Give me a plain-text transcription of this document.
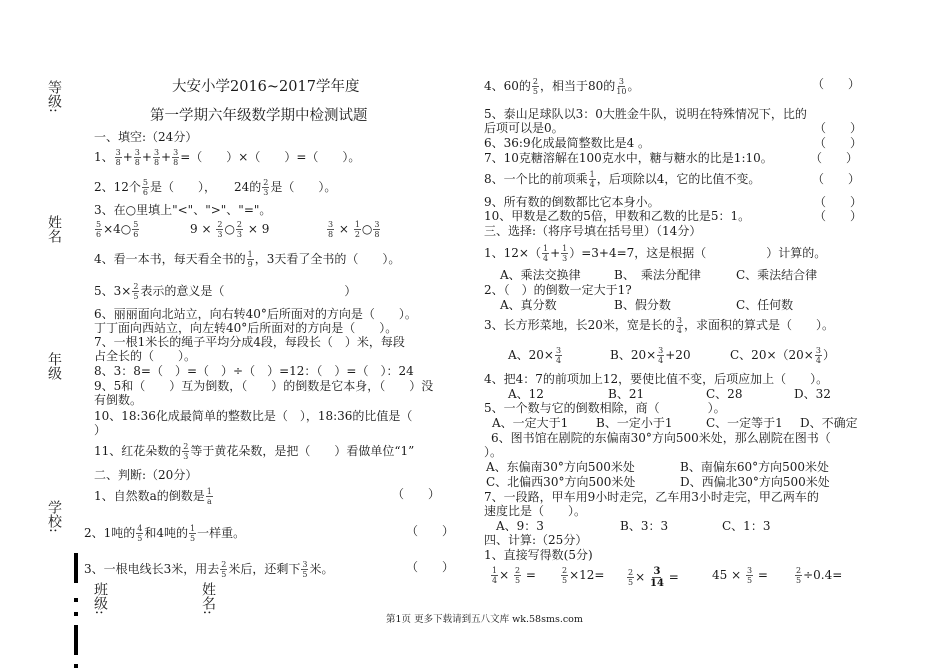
等级:
姓名
年级
学校:
班级:	姓名:
大安小学2016~2017学年度
第一学期六年级数学期中检测试题
一、填空:（24分）
1、 $\frac{3}{8} + \frac{3}{8} + \frac{3}{8} + \frac{3}{8}$ =（　　）×（　　）=（　　）。
2、12个 $\frac{5}{6}$ 是（　　），　　24的 $\frac{2}{3}$ 是（　　）。
3、在○里填上"<"、">"、"="。
$\frac{5}{6}$ ×4○ $\frac{5}{6}$	$9 \times \frac{2}{3}$ ○ $\frac{2}{3} \times 9$	$\frac{3}{8} \times \frac{1}{2}$ ○ $\frac{3}{8}$
4、看一本书，每天看全书的 $\frac{1}{9}$ ，3天看了全书的（　　）。
5、$3\times \frac{2}{5}$ 表示的意义是（　　　　　　　　　　）
6、丽丽面向北站立，向右转40°后所面对的方向是（　　）。
丁丁面向西站立，向左转40°后所面对的方向是（　　）。
7、一根1米长的绳子平均分成4段，每段长（　）米，每段
占全长的（　　）。
8、3：8=（　）=（　）÷（　）=12：（　）=（　）：24
9、5和（　　）互为倒数，（　　）的倒数是它本身，（　　）没
有倒数。
10、18:36化成最简单的整数比是（　），18:36的比值是（
）
11、红花朵数的 $\frac{2}{3}$ 等于黄花朵数，是把（　　）看做单位“1”
二、判断:（20分）
1、自然数a的倒数是 $\frac{1}{a}$	（　　）
2、1吨的 $\frac{4}{5}$ 和4吨的 $\frac{1}{5}$ 一样重。	（　　）
3、一根电线长3米，用去 $\frac{2}{5}$ 米后，还剩下 $\frac{3}{5}$ 米。	（　　）
4、60的 $\frac{2}{5}$ ，相当于80的 $\frac{3}{10}$ 。	（　　）
5、泰山足球队以3：0大胜金牛队，说明在特殊情况下，比的
后项可以是0。	（　　）
6、36:9化成最简整数比是4 。	（　　）
7、10克糖溶解在100克水中，糖与糖水的比是1:10。	（　　）
8、一个比的前项乘 $\frac{1}{4}$ ，后项除以4，它的比值不变。	（　　）
9、所有数的倒数都比它本身小。	（　　）
10、甲数是乙数的5倍，甲数和乙数的比是5：1。	（　　）
三、选择:（将序号填在括号里）（14分）
1、$12\times( \frac{1}{4} + \frac{1}{3} )=3+4=7$，这是根据（　　　　　）计算的。
A、乘法交换律	B、　乘法分配律	C、乘法结合律
2、（　）的倒数一定大于1?
A、真分数	B、假分数	C、任何数
3、长方形菜地，长20米，宽是长的 $\frac{3}{4}$ ，求面积的算式是（　　）。
A、$20\times \frac{3}{4}$	B、$20\times \frac{3}{4} +20$	C、$20\times(20\times \frac{3}{4}$ ）
4、把4：7的前项加上12，要使比值不变，后项应加上（　　）。
A、12	B、21	C、28	D、32
5、一个数与它的倒数相除，商（　　　　）。
A、一定大于1 B、一定小于1	C、一定等于1 D、不确定
6、图书馆在剧院的东偏南30°方向500米处，那么剧院在图书（
）。
A、东偏南30°方向500米处	B、南偏东60°方向500米处
C、北偏西30°方向500米处	D、西偏北30°方向500米处
7、一段路，甲车用9小时走完，乙车用3小时走完，甲乙两车的
速度比是（　　）。
A、9：3	B、3：3	C、1：3
四、计算:（25分）
1、直接写得数(5分)
$\frac{1}{4} \times \frac{2}{5}$ =	$\frac{2}{5} \times 12=$	$\frac{2}{5} \times \frac{3}{14}$ =	$45 \times \frac{3}{5}$ =	$\frac{2}{5} \div 0.4=$
第1页 更多下载请到五八文库 wk.58sms.com
